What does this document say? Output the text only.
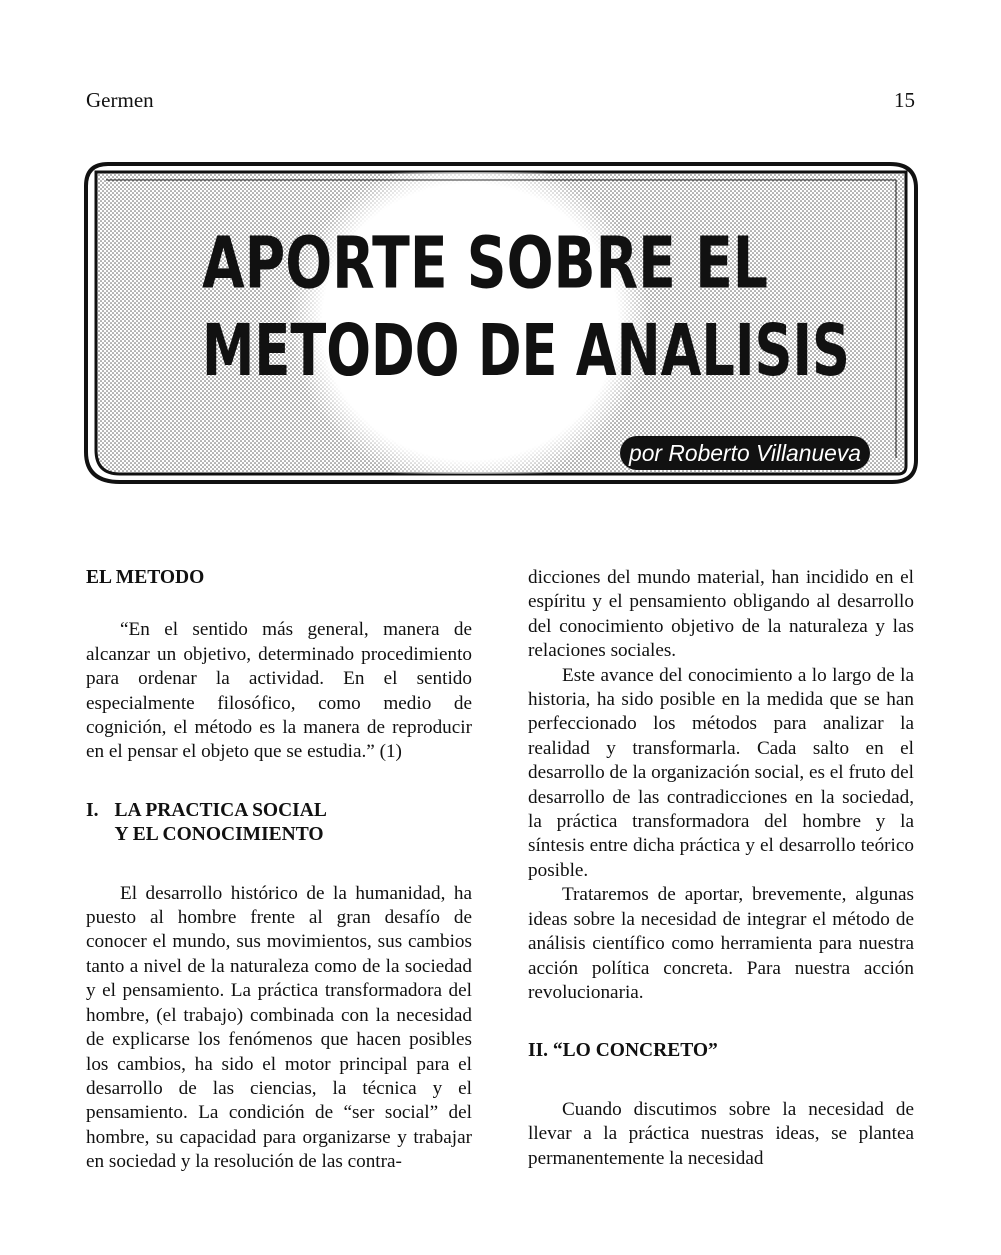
Germen	15
APORTE SOBRE EL
METODO DE ANALISIS
por Roberto Villanueva
EL METODO

“En el sentido más general, manera de alcanzar un objetivo, determinado procedimiento para ordenar la actividad. En el sentido especialmente filosófico, como medio de cognición, el método es la manera de reproducir en el pensar el objeto que se estudia.” (1)

I. LA PRACTICA SOCIAL
Y EL CONOCIMIENTO

El desarrollo histórico de la humanidad, ha puesto al hombre frente al gran desafío de conocer el mundo, sus movimientos, sus cambios tanto a nivel de la naturaleza como de la sociedad y el pensamiento. La práctica transformadora del hombre, (el trabajo) combinada con la necesidad de explicarse los fenómenos que hacen posibles los cambios, ha sido el motor principal para el desarrollo de las ciencias, la técnica y el pensamiento. La condición de “ser social” del hombre, su capacidad para organizarse y trabajar en sociedad y la resolución de las contra-

dicciones del mundo material, han incidido en el espíritu y el pensamiento obligando al desarrollo del conocimiento objetivo de la naturaleza y las relaciones sociales.

Este avance del conocimiento a lo largo de la historia, ha sido posible en la medida que se han perfeccionado los métodos para analizar la realidad y transformarla. Cada salto en el desarrollo de la organización social, es el fruto del desarrollo de las contradicciones en la sociedad, la práctica transformadora del hombre y la síntesis entre dicha práctica y el desarrollo teórico posible.

Trataremos de aportar, brevemente, algunas ideas sobre la necesidad de integrar el método de análisis científico como herramienta para nuestra acción política concreta. Para nuestra acción revolucionaria.

II. “LO CONCRETO”

Cuando discutimos sobre la necesidad de llevar a la práctica nuestras ideas, se plantea permanentemente la necesidad
